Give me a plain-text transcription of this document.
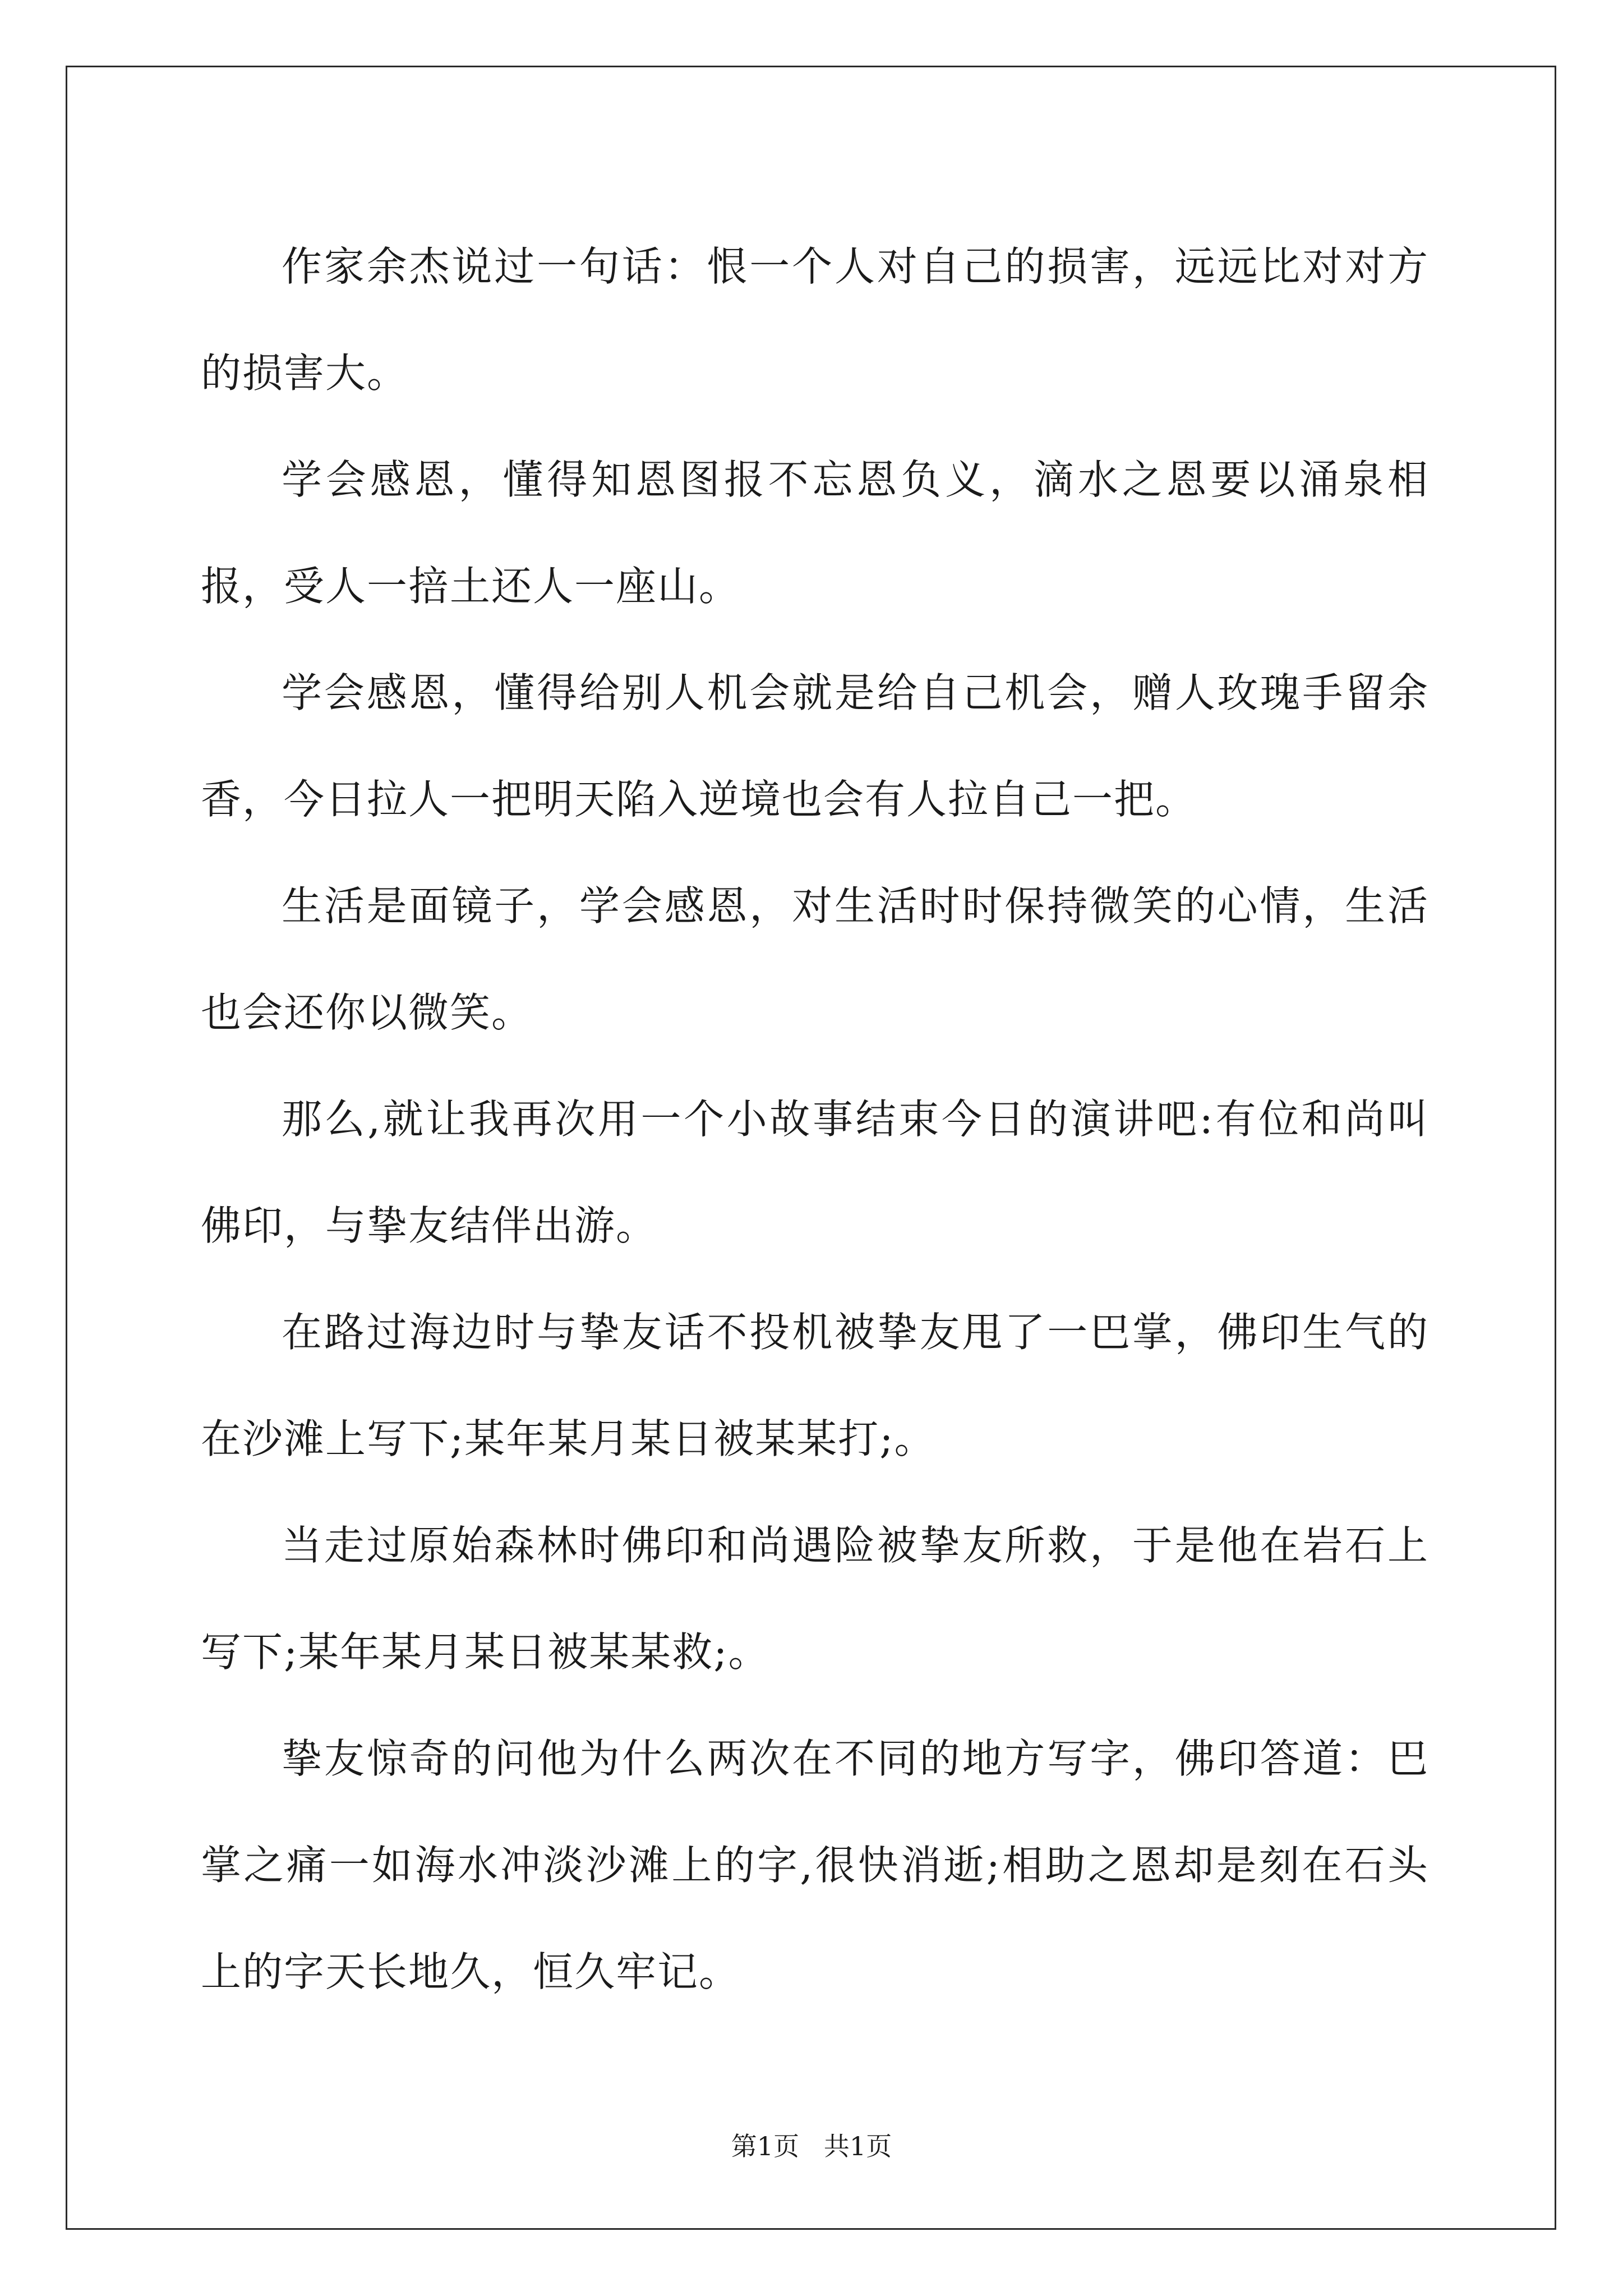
作家余杰说过一句话：恨一个人对自己的损害，远远比对对方的损害大。

学会感恩，懂得知恩图报不忘恩负义，滴水之恩要以涌泉相报，受人一掊土还人一座山。

学会感恩，懂得给别人机会就是给自己机会，赠人玫瑰手留余香，今日拉人一把明天陷入逆境也会有人拉自己一把。

生活是面镜子，学会感恩，对生活时时保持微笑的心情，生活也会还你以微笑。

那么,就让我再次用一个小故事结束今日的演讲吧:有位和尚叫佛印，与挚友结伴出游。

在路过海边时与挚友话不投机被挚友甩了一巴掌，佛印生气的在沙滩上写下;某年某月某日被某某打;。

当走过原始森林时佛印和尚遇险被挚友所救，于是他在岩石上写下;某年某月某日被某某救;。

挚友惊奇的问他为什么两次在不同的地方写字，佛印答道：巴掌之痛一如海水冲淡沙滩上的字,很快消逝;相助之恩却是刻在石头上的字天长地久，恒久牢记。

第1页   共1页
